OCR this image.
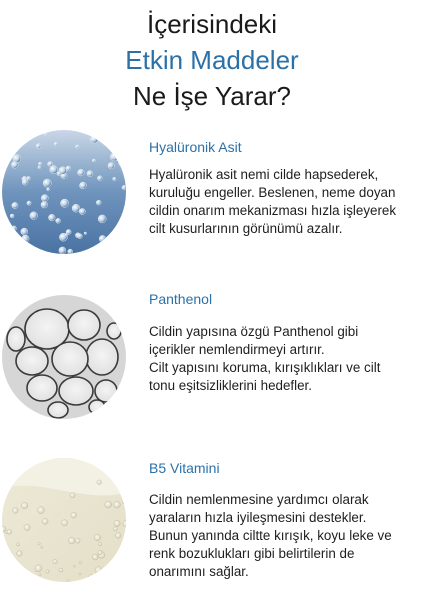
İçerisindeki
Etkin Maddeler
Ne İşe Yarar?
Hyalüronik Asit
Hyalüronik asit nemi cilde hapsederek,
kuruluğu engeller. Beslenen, neme doyan
cildin onarım mekanizması hızla işleyerek
cilt kusurlarının görünümü azalır.
Panthenol
Cildin yapısına özgü Panthenol gibi
içerikler nemlendirmeyi artırır.
Cilt yapısını koruma, kırışıklıkları ve cilt
tonu eşitsizliklerini hedefler.
B5 Vitamini
Cildin nemlenmesine yardımcı olarak
yaraların hızla iyileşmesini destekler.
Bunun yanında ciltte kırışık, koyu leke ve
renk bozuklukları gibi belirtilerin de
onarımını sağlar.
